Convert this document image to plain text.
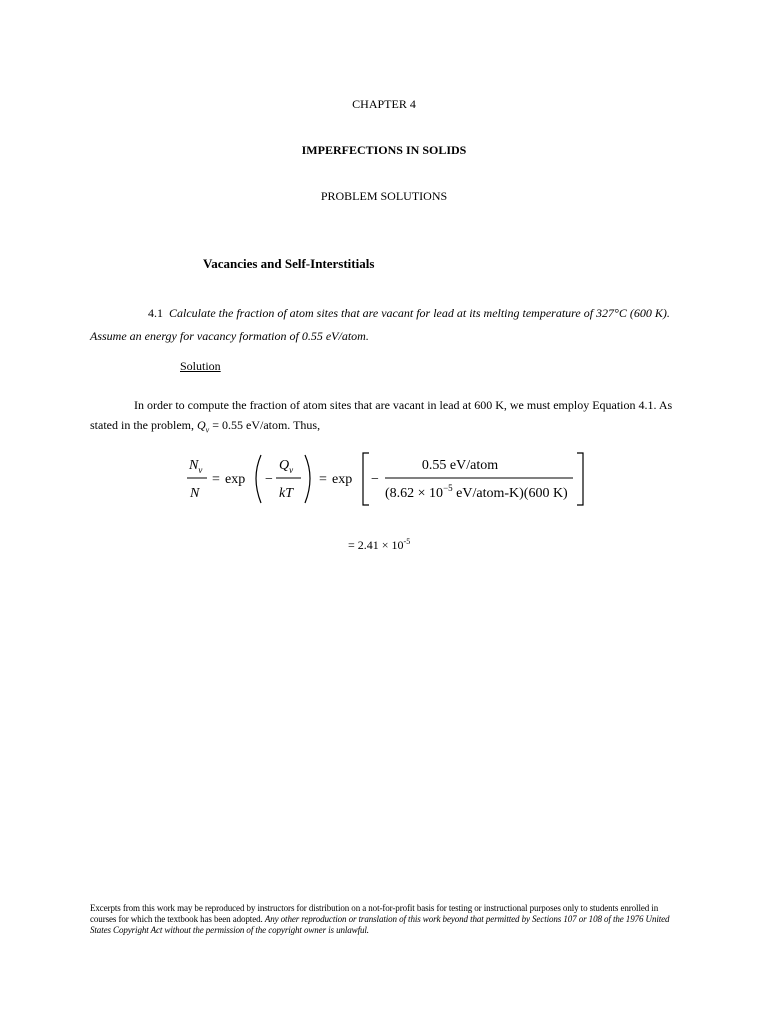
CHAPTER 4
IMPERFECTIONS IN SOLIDS
PROBLEM SOLUTIONS
Vacancies and Self-Interstitials
4.1 Calculate the fraction of atom sites that are vacant for lead at its melting temperature of 327°C (600 K). Assume an energy for vacancy formation of 0.55 eV/atom.
Solution
In order to compute the fraction of atom sites that are vacant in lead at 600 K, we must employ Equation 4.1. As stated in the problem, $Q_v = 0.55$ eV/atom. Thus,
$N_v$
N
= exp −
$Q_v$
kT
= exp −
0.55 eV/atom
($8.62 \times 10^{-5}$ eV/atom-K)(600 K)
= $2.41 \times 10^{-5}$
Excerpts from this work may be reproduced by instructors for distribution on a not-for-profit basis for testing or instructional purposes only to students enrolled in courses for which the textbook has been adopted. Any other reproduction or translation of this work beyond that permitted by Sections 107 or 108 of the 1976 United States Copyright Act without the permission of the copyright owner is unlawful.
